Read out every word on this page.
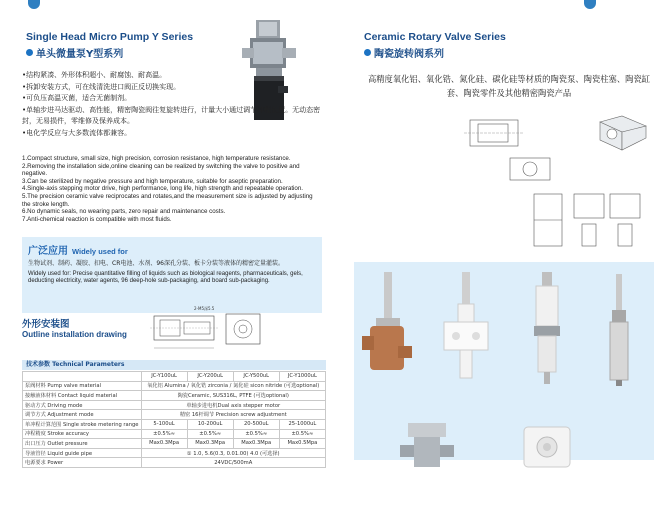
Single Head Micro Pump Y Series
单头微量泵Y型系列
•结构紧凑、外形体积超小、耐腐蚀、耐高温。
•拆卸安装方式，可在线清洗进口阀正反切换实现。
•可负压高温灭菌，适合无菌制剂。
•单轴步进马达驱动、高性能，精密陶瓷阀往复旋转进行，计量大小通过调节冲程长度。无动态密封，无易损件，零维修及保养成本。
•电化学反应与大多数流体都兼容。
1.Compact structure, small size, high precision, corrosion resistance, high temperature resistance.
2.Removing the installation side,online cleaning can be realized by switching the valve to positive and negative.
3.Can be sterilized by negative pressure and high temperature, suitable for aseptic preparation.
4.Single-axis stepping motor drive, high performance, long life, high strength and repeatable operation.
5.The precision ceramic valve reciprocates and rotates,and the measurement size is adjusted by adjusting the stroke length.
6.No dynamic seals, no wearing parts, zero repair and maintenance costs.
7.Anti-chemical reaction is compatible with most fluids.
广泛应用 Widely used for
生物试剂、制药、凝胶、扣电、CR电池、水剂、96深孔分装、板卡分装等液体的精密定量灌装。
Widely used for: Precise quantitative filling of liquids such as biological reagents, pharmaceuticals, gels, deducting electricity, water agents, 96 deep-hole sub-packaging, and board sub-packaging.
外形安装图
Outline installation drawing
2-M5深5.5
技术参数 Technical Parameters
	JC-Y100uL	JC-Y200uL	JC-Y500uL	JC-Y1000uL
泵阀材料 Pump valve material	氧化铝 Alumina / 氧化锆 zirconia / 氮化硅 sicon nitride (可选optional)			
接触液体材料 Contact liquid material	陶瓷Ceramic, SUS316L, PTFE (可选optional)			
驱动方式 Driving mode	单轴步进电机Dual axis stepper motor			
调节方式 Adjustment mode	精密 16杆调节 Precision screw adjustment			
单冲程计算范围 Single stroke metering range	5-100uL	10-200uL	20-500uL	25-1000uL
冲程精度 Stroke accuracy	±0.5%≈	±0.5%≈	±0.5%≈	±0.5%≈
出口压力 Outlet pressure	Max0.3Mpa	Max0.3Mpa	Max0.3Mpa	Max0.5Mpa
导液管径 Liquid guide pipe	① 1.0, 5.6(0.3, 0.01.00) 4.0 (可选择)			
电源要求 Power	24VDC/500mA			
Ceramic Rotary Valve Series
陶瓷旋转阀系列
高精度氧化铝、氧化锆、氮化硅、碳化硅等材质的陶瓷泵、陶瓷柱塞、陶瓷缸套、陶瓷零件及其他精密陶瓷产品
